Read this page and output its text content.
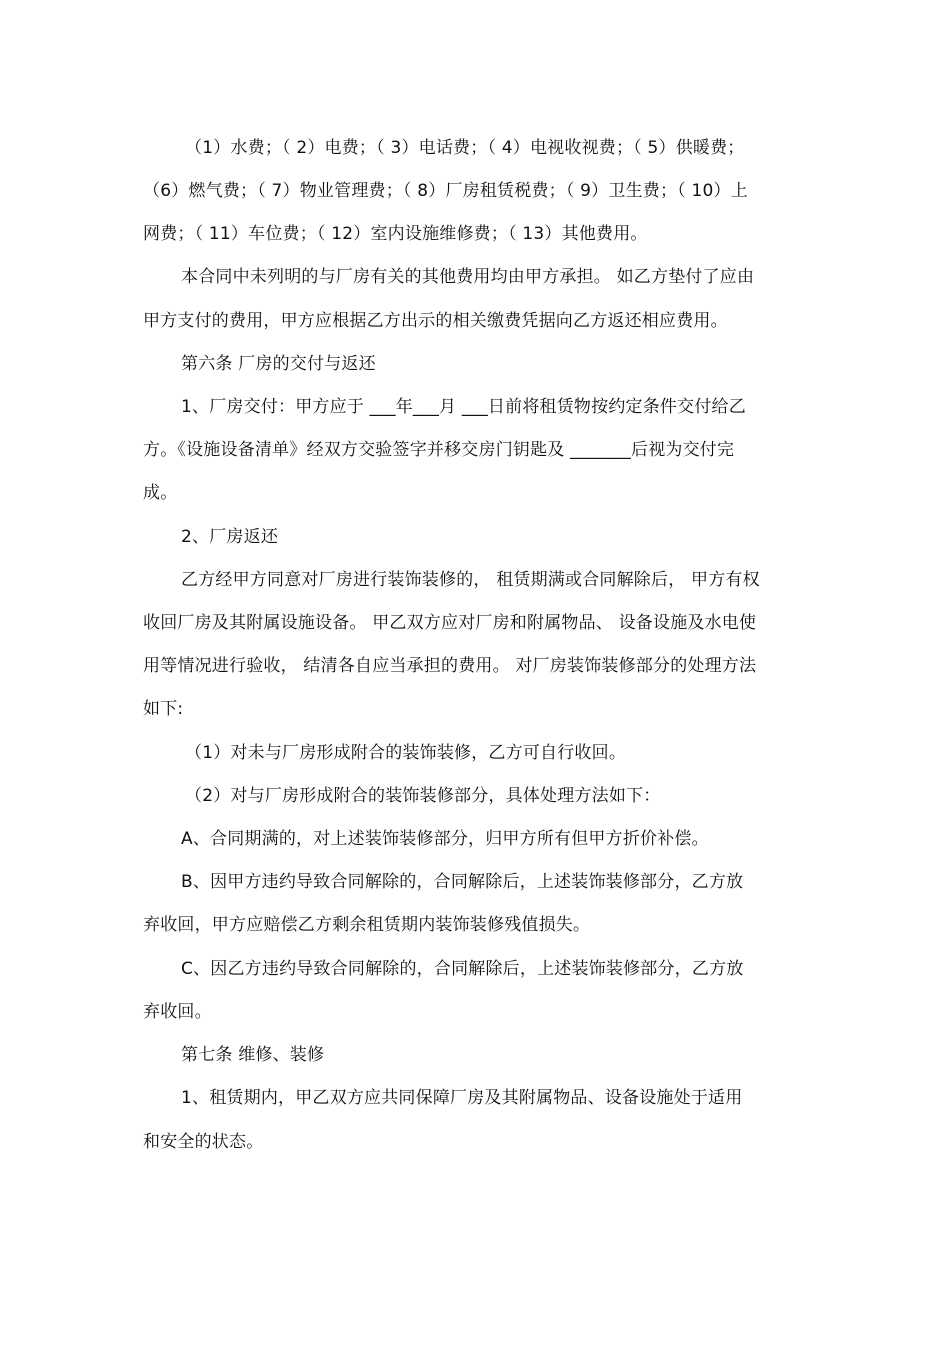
（1）水费；（ 2）电费；（ 3）电话费；（ 4）电视收视费；（ 5）供暖费；
（6）燃气费；（ 7）物业管理费；（ 8）厂房租赁税费；（ 9）卫生费；（ 10）上
网费；（ 11）车位费；（ 12）室内设施维修费；（ 13）其他费用。
本合同中未列明的与厂房有关的其他费用均由甲方承担。 如乙方垫付了应由
甲方支付的费用，甲方应根据乙方出示的相关缴费凭据向乙方返还相应费用。
第六条 厂房的交付与返还
1、厂房交付：甲方应于 ___年___月 ___日前将租赁物按约定条件交付给乙
方。《设施设备清单》经双方交验签字并移交房门钥匙及 _______后视为交付完
成。
2、厂房返还
乙方经甲方同意对厂房进行装饰装修的， 租赁期满或合同解除后， 甲方有权
收回厂房及其附属设施设备。 甲乙双方应对厂房和附属物品、 设备设施及水电使
用等情况进行验收， 结清各自应当承担的费用。 对厂房装饰装修部分的处理方法
如下:
（1）对未与厂房形成附合的装饰装修，乙方可自行收回。
（2）对与厂房形成附合的装饰装修部分，具体处理方法如下：
A、合同期满的，对上述装饰装修部分，归甲方所有但甲方折价补偿。
B、因甲方违约导致合同解除的，合同解除后，上述装饰装修部分，乙方放
弃收回，甲方应赔偿乙方剩余租赁期内装饰装修残值损失。
C、因乙方违约导致合同解除的，合同解除后，上述装饰装修部分，乙方放
弃收回。
第七条 维修、装修
1、租赁期内，甲乙双方应共同保障厂房及其附属物品、设备设施处于适用
和安全的状态。
